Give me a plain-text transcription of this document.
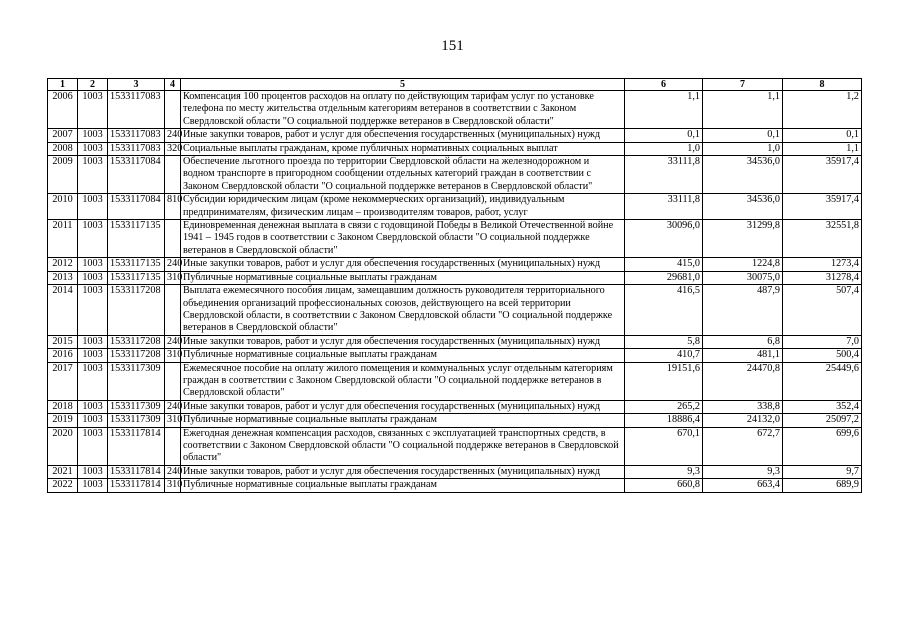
151
1	2	3	4	5	6	7	8
2006	1003	1533117083		Компенсация 100 процентов расходов на оплату по действующим тарифам услуг по установке телефона по месту жительства отдельным категориям ветеранов в соответствии с Законом Свердловской области "О социальной поддержке ветеранов в Свердловской области"	1,1	1,1	1,2
2007	1003	1533117083	240	Иные закупки товаров, работ и услуг для обеспечения государственных (муниципальных) нужд	0,1	0,1	0,1
2008	1003	1533117083	320	Социальные выплаты гражданам, кроме публичных нормативных социальных выплат	1,0	1,0	1,1
2009	1003	1533117084		Обеспечение льготного проезда по территории Свердловской области на железнодорожном и водном транспорте в пригородном сообщении отдельных категорий граждан в соответствии с Законом Свердловской области "О социальной поддержке ветеранов в Свердловской области"	33111,8	34536,0	35917,4
2010	1003	1533117084	810	Субсидии юридическим лицам (кроме некоммерческих организаций), индивидуальным предпринимателям, физическим лицам – производителям товаров, работ, услуг	33111,8	34536,0	35917,4
2011	1003	1533117135		Единовременная денежная выплата в связи с годовщиной Победы в Великой Отечественной войне 1941 – 1945 годов в соответствии с Законом Свердловской области "О социальной поддержке ветеранов в Свердловской области"	30096,0	31299,8	32551,8
2012	1003	1533117135	240	Иные закупки товаров, работ и услуг для обеспечения государственных (муниципальных) нужд	415,0	1224,8	1273,4
2013	1003	1533117135	310	Публичные нормативные социальные выплаты гражданам	29681,0	30075,0	31278,4
2014	1003	1533117208		Выплата ежемесячного пособия лицам, замещавшим должность руководителя территориального объединения организаций профессиональных союзов, действующего на всей территории Свердловской области, в соответствии с Законом Свердловской области "О социальной поддержке ветеранов в Свердловской области"	416,5	487,9	507,4
2015	1003	1533117208	240	Иные закупки товаров, работ и услуг для обеспечения государственных (муниципальных) нужд	5,8	6,8	7,0
2016	1003	1533117208	310	Публичные нормативные социальные выплаты гражданам	410,7	481,1	500,4
2017	1003	1533117309		Ежемесячное пособие на оплату жилого помещения и коммунальных услуг отдельным категориям граждан в соответствии с Законом Свердловской области "О социальной поддержке ветеранов в Свердловской области"	19151,6	24470,8	25449,6
2018	1003	1533117309	240	Иные закупки товаров, работ и услуг для обеспечения государственных (муниципальных) нужд	265,2	338,8	352,4
2019	1003	1533117309	310	Публичные нормативные социальные выплаты гражданам	18886,4	24132,0	25097,2
2020	1003	1533117814		Ежегодная денежная компенсация расходов, связанных с эксплуатацией транспортных средств, в соответствии с Законом Свердловской области "О социальной поддержке ветеранов в Свердловской области"	670,1	672,7	699,6
2021	1003	1533117814	240	Иные закупки товаров, работ и услуг для обеспечения государственных (муниципальных) нужд	9,3	9,3	9,7
2022	1003	1533117814	310	Публичные нормативные социальные выплаты гражданам	660,8	663,4	689,9
